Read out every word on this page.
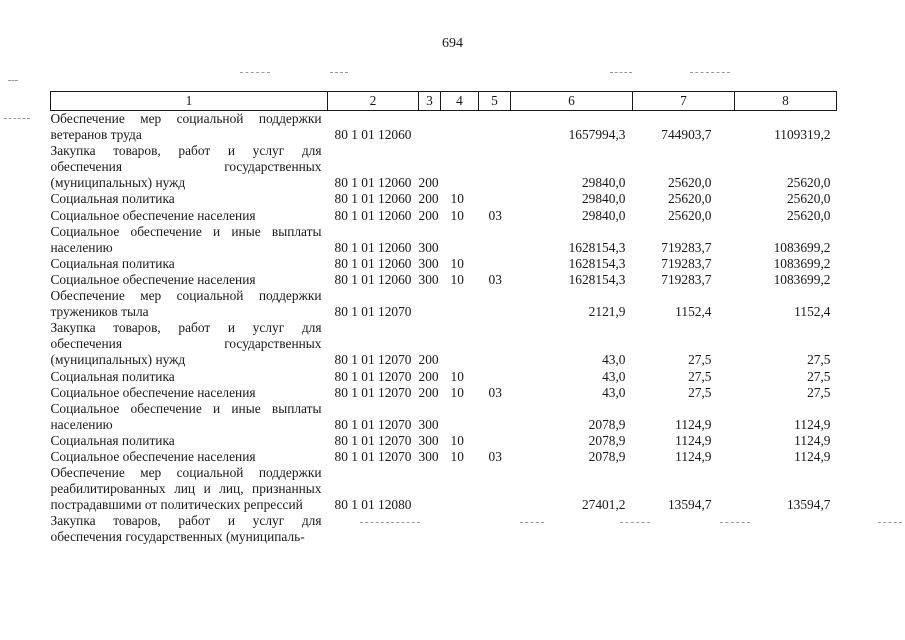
694
1	2	3	4	5	6	7	8
Обеспечение мер социальной поддержки ветеранов труда	80 1 01 12060				1657994,3	744903,7	1109319,2
Закупка товаров, работ и услуг для обеспечения государственных (муниципальных) нужд	80 1 01 12060	200			29840,0	25620,0	25620,0
Социальная политика	80 1 01 12060	200	10		29840,0	25620,0	25620,0
Социальное обеспечение населения	80 1 01 12060	200	10	03	29840,0	25620,0	25620,0
Социальное обеспечение и иные выплаты населению	80 1 01 12060	300			1628154,3	719283,7	1083699,2
Социальная политика	80 1 01 12060	300	10		1628154,3	719283,7	1083699,2
Социальное обеспечение населения	80 1 01 12060	300	10	03	1628154,3	719283,7	1083699,2
Обеспечение мер социальной поддержки тружеников тыла	80 1 01 12070				2121,9	1152,4	1152,4
Закупка товаров, работ и услуг для обеспечения государственных (муниципальных) нужд	80 1 01 12070	200			43,0	27,5	27,5
Социальная политика	80 1 01 12070	200	10		43,0	27,5	27,5
Социальное обеспечение населения	80 1 01 12070	200	10	03	43,0	27,5	27,5
Социальное обеспечение и иные выплаты населению	80 1 01 12070	300			2078,9	1124,9	1124,9
Социальная политика	80 1 01 12070	300	10		2078,9	1124,9	1124,9
Социальное обеспечение населения	80 1 01 12070	300	10	03	2078,9	1124,9	1124,9
Обеспечение мер социальной поддержки реабилитированных лиц и лиц, признанных пострадавшими от политических репрессий	80 1 01 12080				27401,2	13594,7	13594,7
Закупка товаров, работ и услуг для обеспечения государственных (муниципаль-							
